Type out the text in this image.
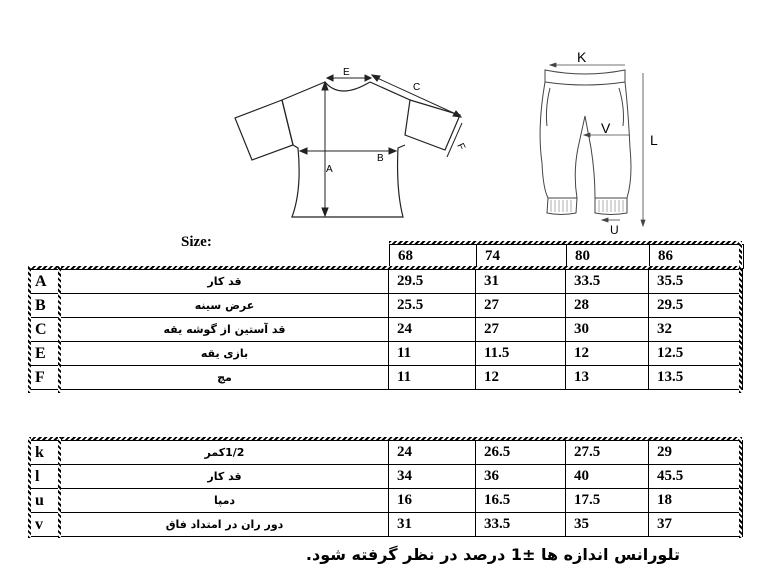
E
C
A
B
F
K
L
V
U
Size:
68	74	80	86
A	قد کار	29.5	31	33.5	35.5
B	عرض سینه	25.5	27	28	29.5
C	قد آستین از گوشه یقه	24	27	30	32
E	بازی یقه	11	11.5	12	12.5
F	مچ	11	12	13	13.5
k	1/2کمر	24	26.5	27.5	29
l	قد کار	34	36	40	45.5
u	دمپا	16	16.5	17.5	18
v	دور ران در امتداد فاق	31	33.5	35	37
تلورانس اندازه ها ±1 درصد در نظر گرفته شود.
